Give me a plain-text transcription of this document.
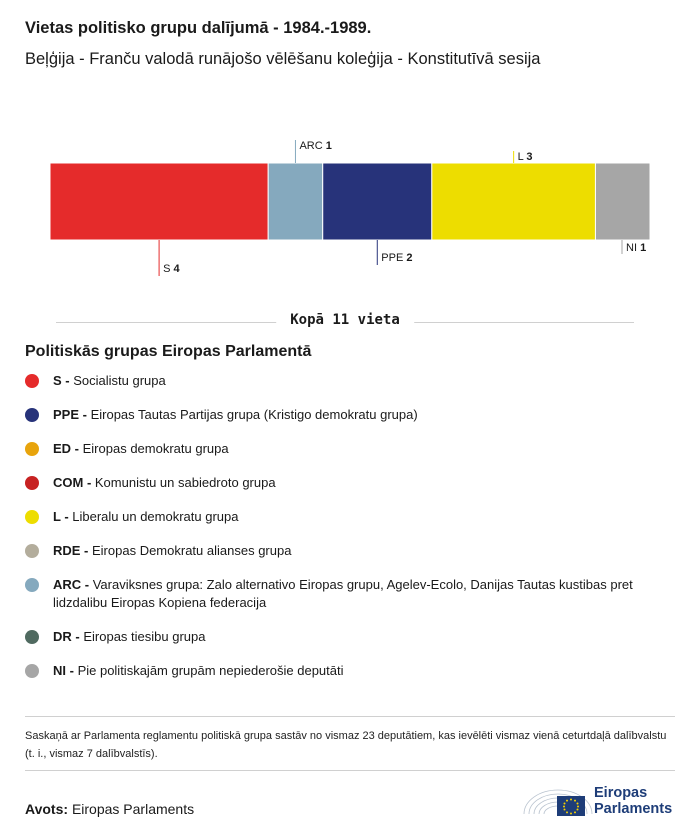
Vietas politisko grupu dalījumā - 1984.-1989.
Beļģija - Franču valodā runājošo vēlēšanu koleģija - Konstitutīvā sesija
S 4
ARC 1
PPE 2
L 3
NI 1
Kopā 11 vieta
Politiskās grupas Eiropas Parlamentā
S - Socialistu grupa
PPE - Eiropas Tautas Partijas grupa (Kristigo demokratu grupa)
ED - Eiropas demokratu grupa
COM - Komunistu un sabiedroto grupa
L - Liberalu un demokratu grupa
RDE - Eiropas Demokratu alianses grupa
ARC - Varaviksnes grupa: Zalo alternativo Eiropas grupu, Agelev-Ecolo, Danijas Tautas kustibas pret lidzdalibu Eiropas Kopiena federacija
DR - Eiropas tiesibu grupa
NI - Pie politiskajām grupām nepiederošie deputāti
Saskaņā ar Parlamenta reglamentu politiskā grupa sastāv no vismaz 23 deputātiem, kas ievēlēti vismaz vienā ceturtdaļā dalībvalstu (t. i., vismaz 7 dalībvalstīs).
Avots: Eiropas Parlaments
Eiropas
Parlaments
